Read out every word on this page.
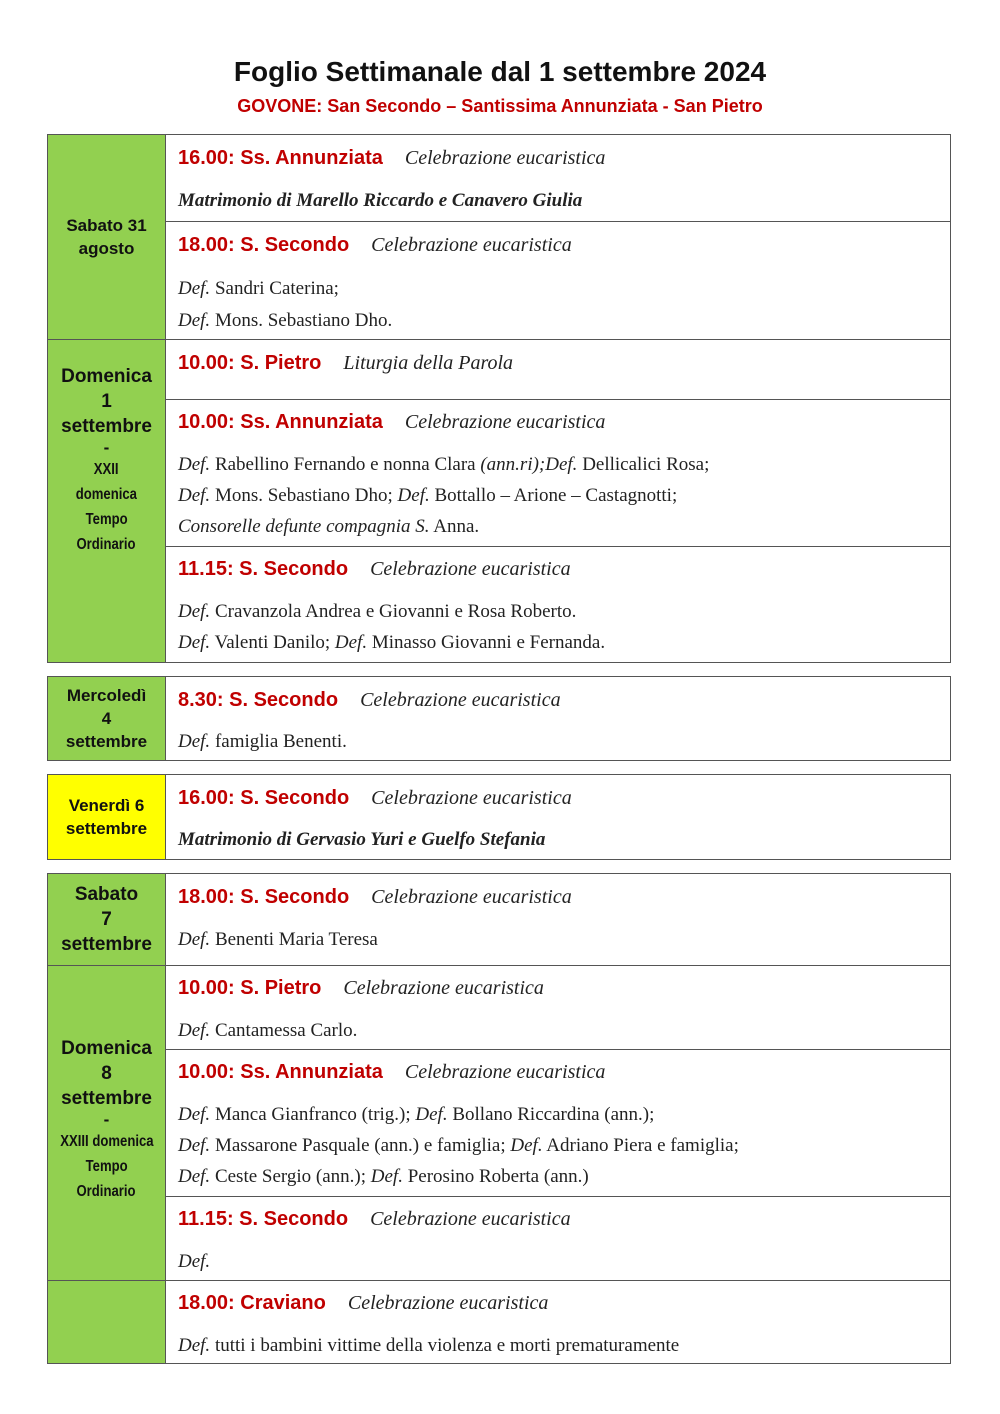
Foglio Settimanale dal 1 settembre 2024
GOVONE: San Secondo – Santissima Annunziata - San Pietro
Sabato 31
agosto
Domenica
1
settembre
-
XXII
domenica
Tempo
Ordinario
16.00: Ss. Annunziata Celebrazione eucaristica
Matrimonio di Marello Riccardo e Canavero Giulia
18.00: S. Secondo Celebrazione eucaristica
Def. Sandri Caterina;
Def. Mons. Sebastiano Dho.
10.00: S. Pietro Liturgia della Parola
10.00: Ss. Annunziata Celebrazione eucaristica
Def. Rabellino Fernando e nonna Clara (ann.ri);Def. Dellicalici Rosa;
Def. Mons. Sebastiano Dho; Def. Bottallo – Arione – Castagnotti;
Consorelle defunte compagnia S. Anna.
11.15: S. Secondo Celebrazione eucaristica
Def. Cravanzola Andrea e Giovanni e Rosa Roberto.
Def. Valenti Danilo; Def. Minasso Giovanni e Fernanda.
Mercoledì
4
settembre
8.30: S. Secondo Celebrazione eucaristica
Def. famiglia Benenti.
Venerdì 6
settembre
16.00: S. Secondo Celebrazione eucaristica
Matrimonio di Gervasio Yuri e Guelfo Stefania
Sabato
7
settembre
Domenica
8
settembre
-
XXIII domenica
Tempo
Ordinario
18.00: S. Secondo Celebrazione eucaristica
Def. Benenti Maria Teresa
10.00: S. Pietro Celebrazione eucaristica
Def. Cantamessa Carlo.
10.00: Ss. Annunziata Celebrazione eucaristica
Def. Manca Gianfranco (trig.); Def. Bollano Riccardina (ann.);
Def. Massarone Pasquale (ann.) e famiglia; Def. Adriano Piera e famiglia;
Def. Ceste Sergio (ann.); Def. Perosino Roberta (ann.)
11.15: S. Secondo Celebrazione eucaristica
Def.
18.00: Craviano Celebrazione eucaristica
Def. tutti i bambini vittime della violenza e morti prematuramente
